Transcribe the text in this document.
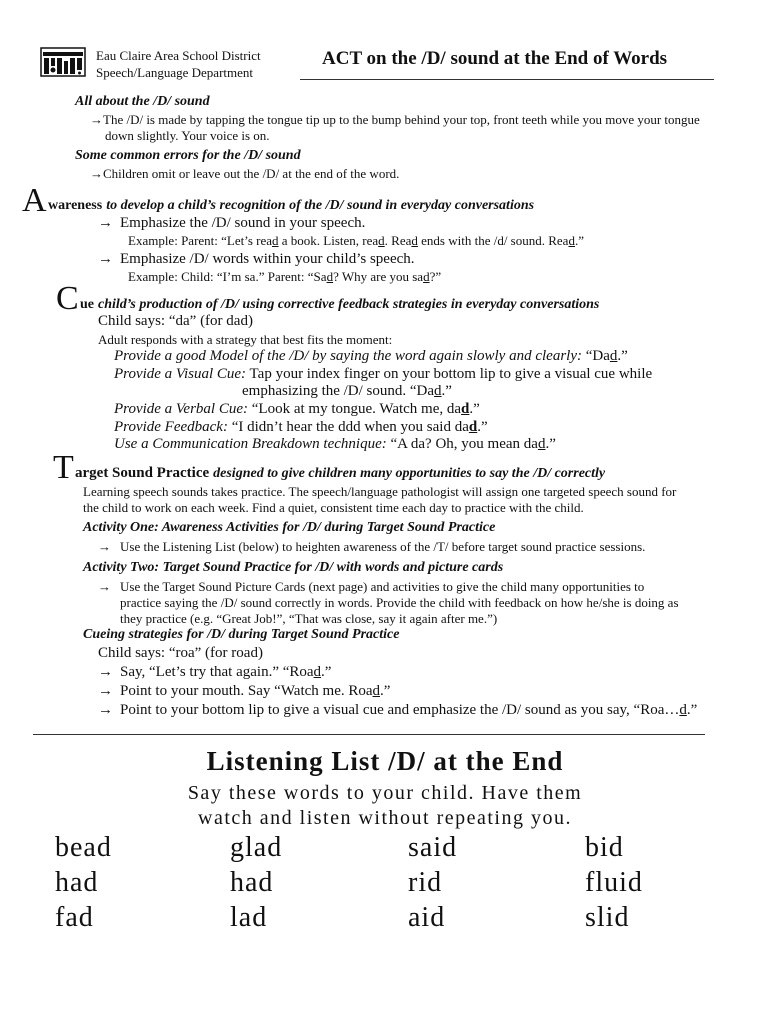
Eau Claire Area School District
Speech/Language Department
ACT on the /D/ sound at the End of Words
All about the /D/ sound
→The /D/ is made by tapping the tongue tip up to the bump behind your top, front teeth while you move your tongue
down slightly. Your voice is on.
Some common errors for the /D/ sound
→Children omit or leave out the /D/ at the end of the word.
A wareness to develop a child’s recognition of the /D/ sound in everyday conversations
→ Emphasize the /D/ sound in your speech.
Example: Parent: “Let’s read a book. Listen, read. Read ends with the /d/ sound. Read.”
→ Emphasize /D/ words within your child’s speech.
Example: Child: “I’m sa.” Parent: “Sad? Why are you sad?”
C ue child’s production of /D/ using corrective feedback strategies in everyday conversations
Child says: “da” (for dad)
Adult responds with a strategy that best fits the moment:
Provide a good Model of the /D/ by saying the word again slowly and clearly: “Dad.”
Provide a Visual Cue: Tap your index finger on your bottom lip to give a visual cue while
emphasizing the /D/ sound. “Dad.”
Provide a Verbal Cue: “Look at my tongue. Watch me, dad.”
Provide Feedback: “I didn’t hear the ddd when you said dad.”
Use a Communication Breakdown technique: “A da? Oh, you mean dad.”
T arget Sound Practice designed to give children many opportunities to say the /D/ correctly
Learning speech sounds takes practice. The speech/language pathologist will assign one targeted speech sound for
the child to work on each week. Find a quiet, consistent time each day to practice with the child.
Activity One: Awareness Activities for /D/ during Target Sound Practice
→ Use the Listening List (below) to heighten awareness of the /T/ before target sound practice sessions.
Activity Two: Target Sound Practice for /D/ with words and picture cards
→ Use the Target Sound Picture Cards (next page) and activities to give the child many opportunities to
practice saying the /D/ sound correctly in words. Provide the child with feedback on how he/she is doing as
they practice (e.g. “Great Job!”, “That was close, say it again after me.”)
Cueing strategies for /D/ during Target Sound Practice
Child says: “roa” (for road)
→ Say, “Let’s try that again.” “Road.”
→ Point to your mouth. Say “Watch me. Road.”
→ Point to your bottom lip to give a visual cue and emphasize the /D/ sound as you say, “Roa…d.”
Listening List /D/ at the End
Say these words to your child. Have them
watch and listen without repeating you.
bead	glad	said	bid
had	had	rid	fluid
fad	lad	aid	slid
